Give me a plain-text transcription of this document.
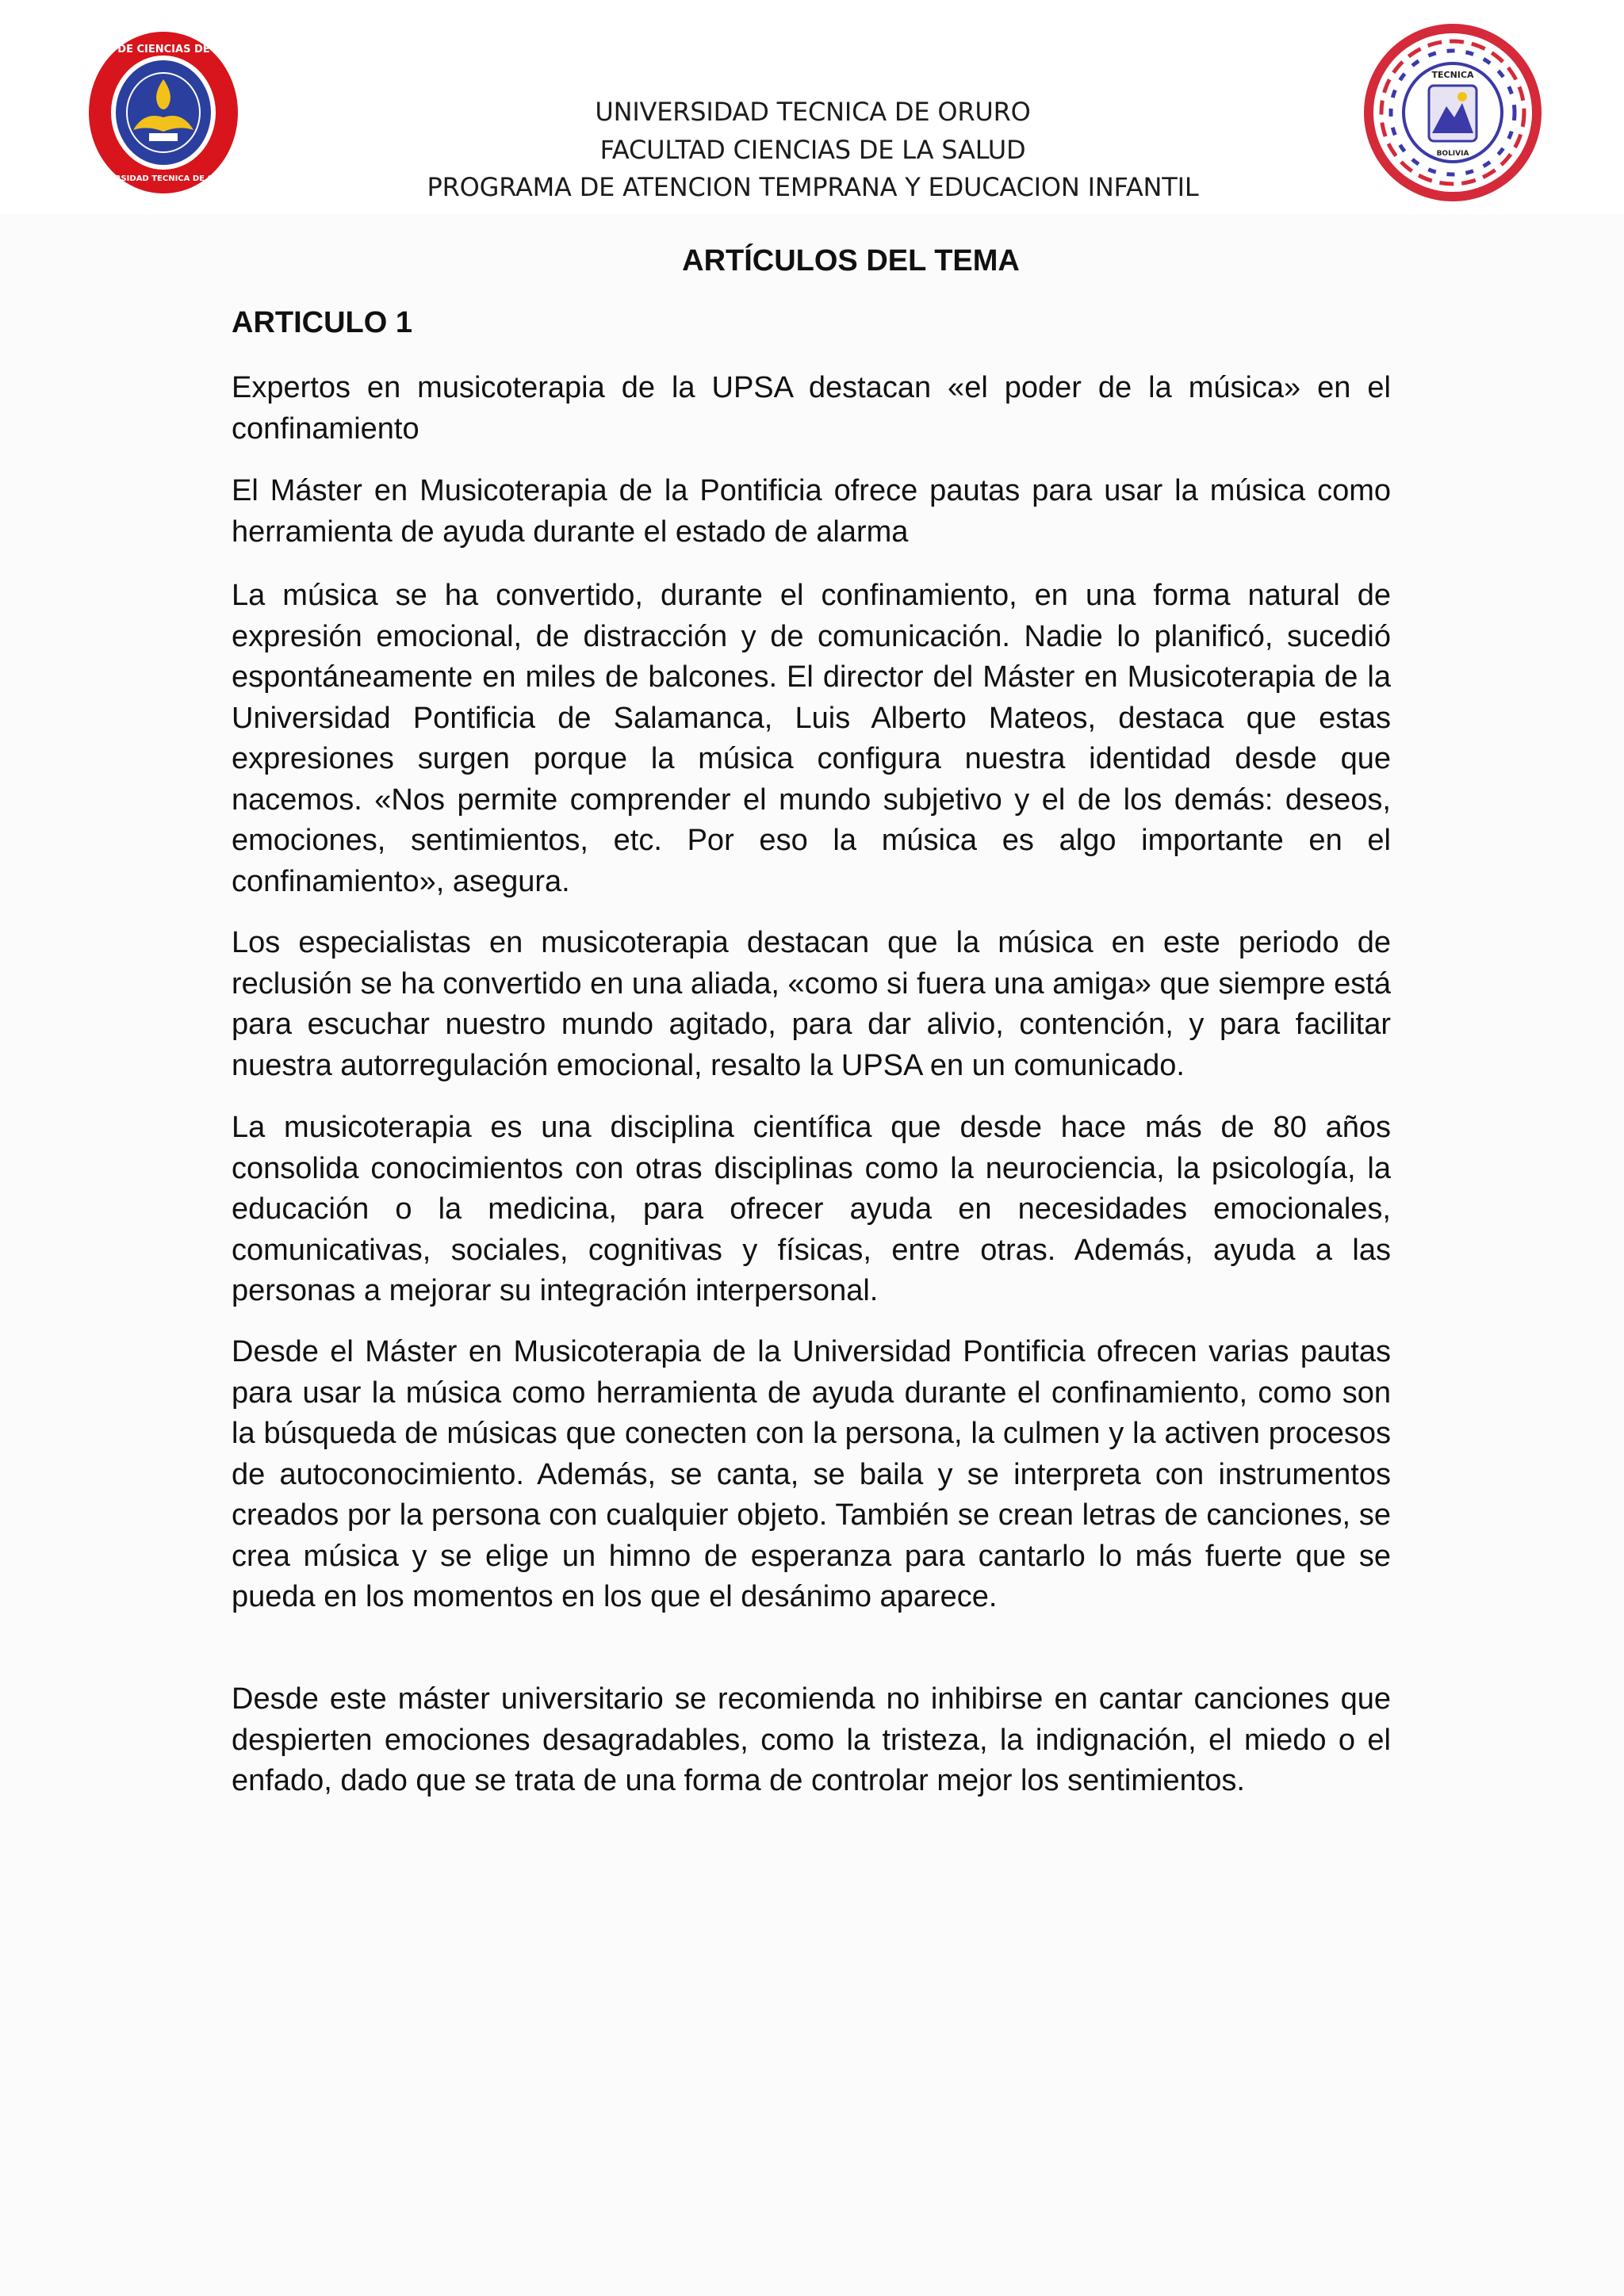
FACULTAD DE CIENCIAS DE LA SALUD
UNIVERSIDAD TECNICA DE ORURO
TECNICA
BOLIVIA
UNIVERSIDAD TECNICA DE ORURO
FACULTAD CIENCIAS DE LA SALUD
PROGRAMA DE ATENCION TEMPRANA Y EDUCACION INFANTIL
ARTÍCULOS DEL TEMA
ARTICULO 1

Expertos en musicoterapia de la UPSA destacan «el poder de la música» en el confinamiento

El Máster en Musicoterapia de la Pontificia ofrece pautas para usar la música como herramienta de ayuda durante el estado de alarma

La música se ha convertido, durante el confinamiento, en una forma natural de expresión emocional, de distracción y de comunicación. Nadie lo planificó, sucedió espontáneamente en miles de balcones. El director del Máster en Musicoterapia de la Universidad Pontificia de Salamanca, Luis Alberto Mateos, destaca que estas expresiones surgen porque la música configura nuestra identidad desde que nacemos. «Nos permite comprender el mundo subjetivo y el de los demás: deseos, emociones, sentimientos, etc. Por eso la música es algo importante en el confinamiento», asegura.

Los especialistas en musicoterapia destacan que la música en este periodo de reclusión se ha convertido en una aliada, «como si fuera una amiga» que siempre está para escuchar nuestro mundo agitado, para dar alivio, contención, y para facilitar nuestra autorregulación emocional, resalto la UPSA en un comunicado.

La musicoterapia es una disciplina científica que desde hace más de 80 años consolida conocimientos con otras disciplinas como la neurociencia, la psicología, la educación o la medicina, para ofrecer ayuda en necesidades emocionales, comunicativas, sociales, cognitivas y físicas, entre otras. Además, ayuda a las personas a mejorar su integración interpersonal.

Desde el Máster en Musicoterapia de la Universidad Pontificia ofrecen varias pautas para usar la música como herramienta de ayuda durante el confinamiento, como son la búsqueda de músicas que conecten con la persona, la culmen y la activen procesos de autoconocimiento. Además, se canta, se baila y se interpreta con instrumentos creados por la persona con cualquier objeto. También se crean letras de canciones, se crea música y se elige un himno de esperanza para cantarlo lo más fuerte que se pueda en los momentos en los que el desánimo aparece.

Desde este máster universitario se recomienda no inhibirse en cantar canciones que despierten emociones desagradables, como la tristeza, la indignación, el miedo o el enfado, dado que se trata de una forma de controlar mejor los sentimientos.
